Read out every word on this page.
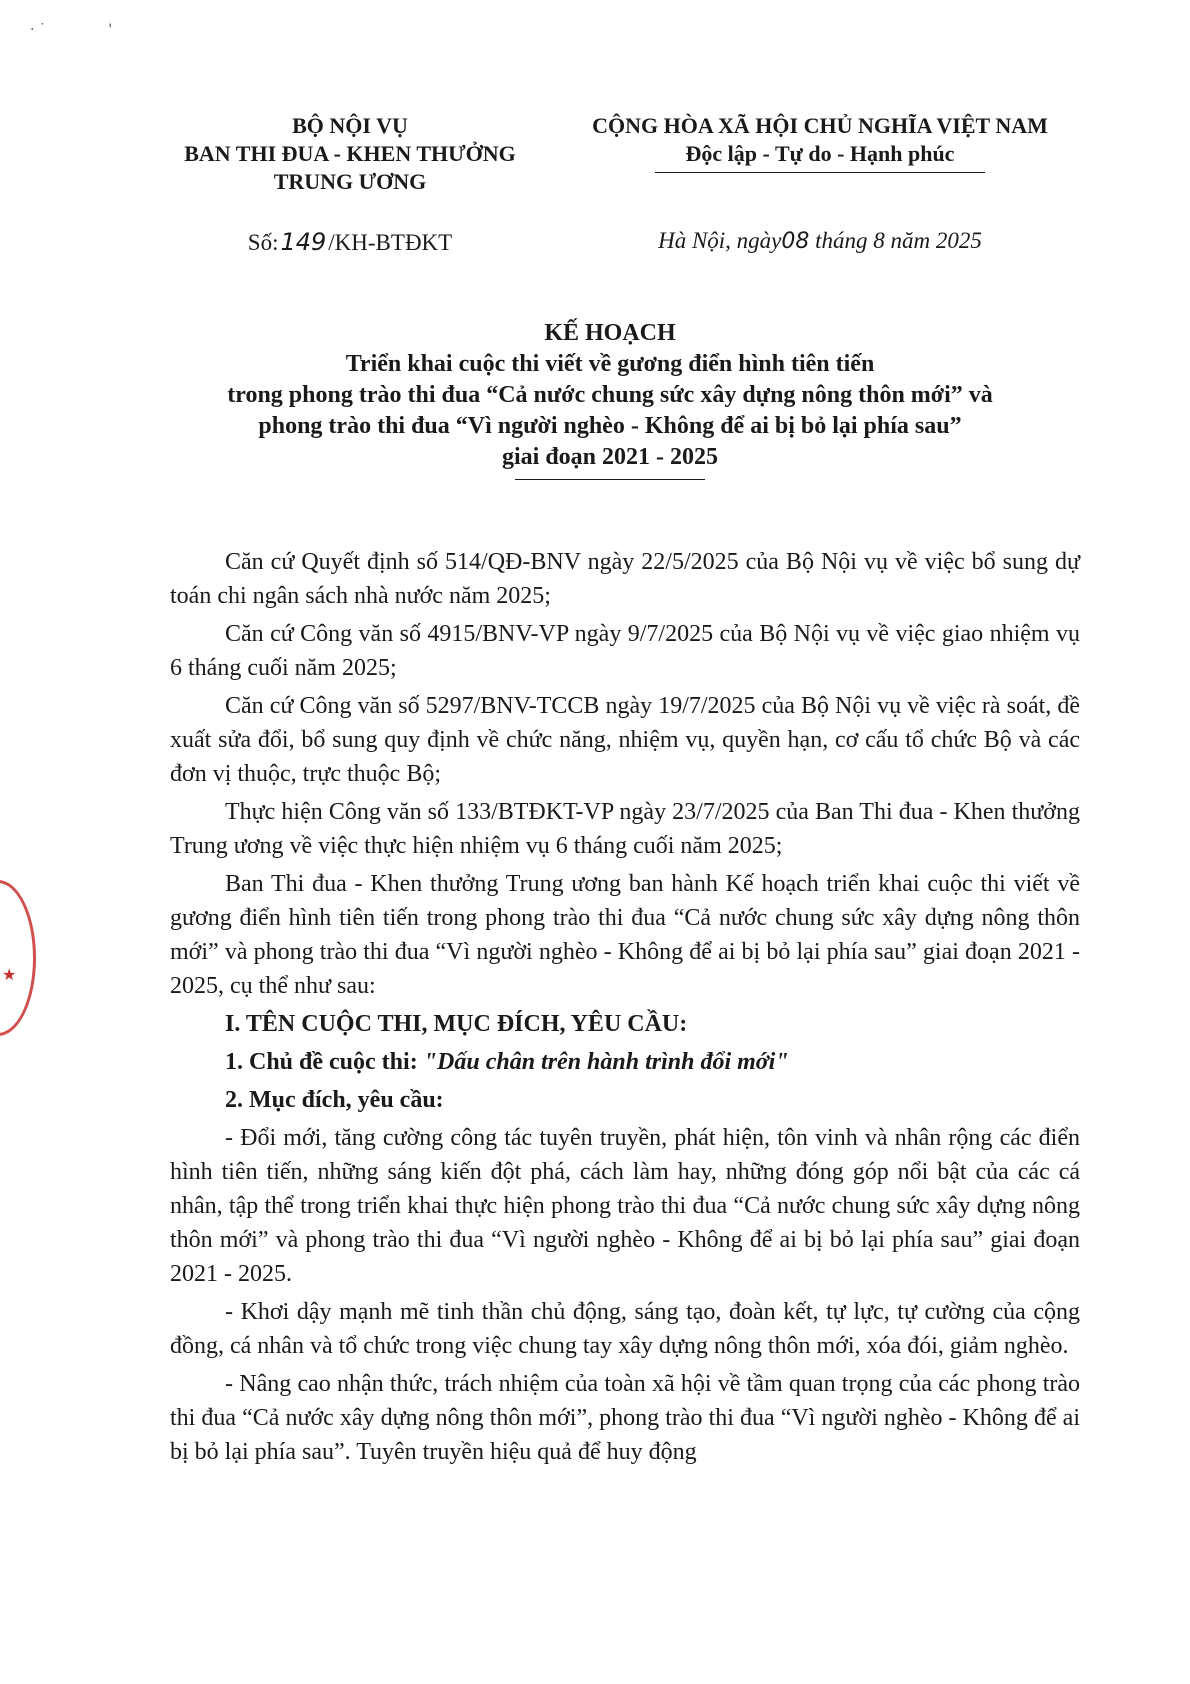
· ˙              '
BỘ NỘI VỤ
BAN THI ĐUA - KHEN THƯỞNG
TRUNG ƯƠNG
CỘNG HÒA XÃ HỘI CHỦ NGHĨA VIỆT NAM
Độc lập - Tự do - Hạnh phúc
Số:149/KH-BTĐKT	Hà Nội, ngày08 tháng 8 năm 2025
KẾ HOẠCH
Triển khai cuộc thi viết về gương điển hình tiên tiến
trong phong trào thi đua “Cả nước chung sức xây dựng nông thôn mới” và
phong trào thi đua “Vì người nghèo - Không để ai bị bỏ lại phía sau”
giai đoạn 2021 - 2025

Căn cứ Quyết định số 514/QĐ-BNV ngày 22/5/2025 của Bộ Nội vụ về việc bổ sung dự toán chi ngân sách nhà nước năm 2025;

Căn cứ Công văn số 4915/BNV-VP ngày 9/7/2025 của Bộ Nội vụ về việc giao nhiệm vụ 6 tháng cuối năm 2025;

Căn cứ Công văn số 5297/BNV-TCCB ngày 19/7/2025 của Bộ Nội vụ về việc rà soát, đề xuất sửa đổi, bổ sung quy định về chức năng, nhiệm vụ, quyền hạn, cơ cấu tổ chức Bộ và các đơn vị thuộc, trực thuộc Bộ;

Thực hiện Công văn số 133/BTĐKT-VP ngày 23/7/2025 của Ban Thi đua - Khen thưởng Trung ương về việc thực hiện nhiệm vụ 6 tháng cuối năm 2025;

Ban Thi đua - Khen thưởng Trung ương ban hành Kế hoạch triển khai cuộc thi viết về gương điển hình tiên tiến trong phong trào thi đua “Cả nước chung sức xây dựng nông thôn mới” và phong trào thi đua “Vì người nghèo - Không để ai bị bỏ lại phía sau” giai đoạn 2021 - 2025, cụ thể như sau:

I. TÊN CUỘC THI, MỤC ĐÍCH, YÊU CẦU:
1. Chủ đề cuộc thi: "Dấu chân trên hành trình đổi mới"
2. Mục đích, yêu cầu:

- Đổi mới, tăng cường công tác tuyên truyền, phát hiện, tôn vinh và nhân rộng các điển hình tiên tiến, những sáng kiến đột phá, cách làm hay, những đóng góp nổi bật của các cá nhân, tập thể trong triển khai thực hiện phong trào thi đua “Cả nước chung sức xây dựng nông thôn mới” và phong trào thi đua “Vì người nghèo - Không để ai bị bỏ lại phía sau” giai đoạn 2021 - 2025.

- Khơi dậy mạnh mẽ tinh thần chủ động, sáng tạo, đoàn kết, tự lực, tự cường của cộng đồng, cá nhân và tổ chức trong việc chung tay xây dựng nông thôn mới, xóa đói, giảm nghèo.

- Nâng cao nhận thức, trách nhiệm của toàn xã hội về tầm quan trọng của các phong trào thi đua “Cả nước xây dựng nông thôn mới”, phong trào thi đua “Vì người nghèo - Không để ai bị bỏ lại phía sau”. Tuyên truyền hiệu quả để huy động

★
